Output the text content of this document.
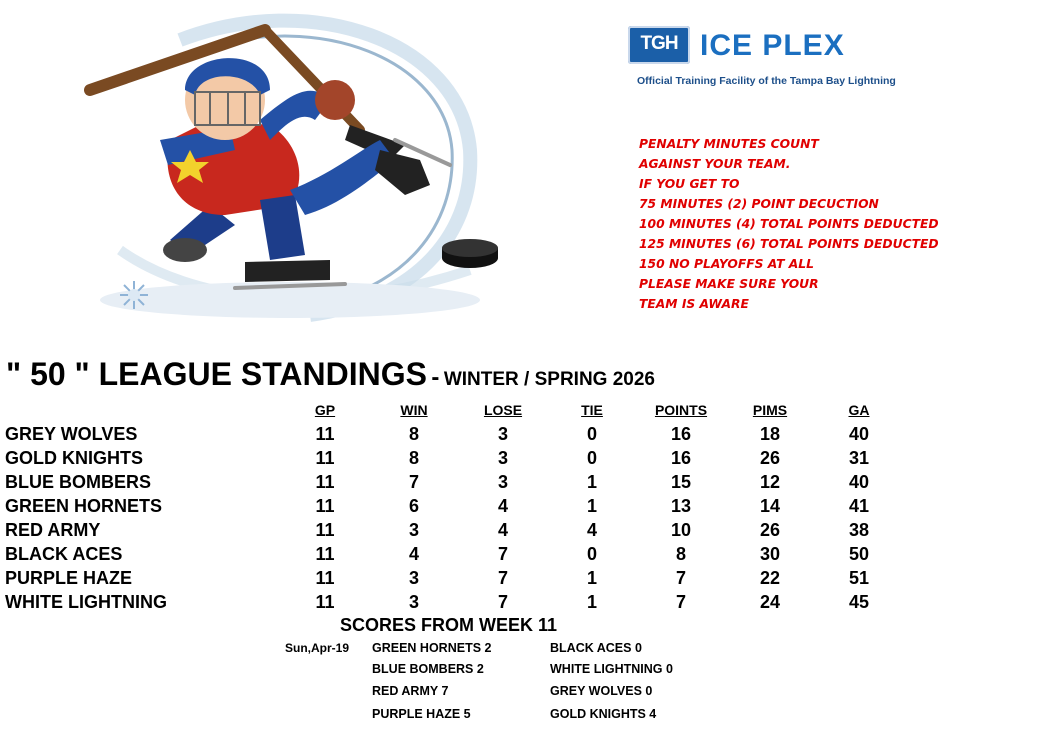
TGH ICE PLEX
Official Training Facility of the Tampa Bay Lightning
PENALTY MINUTES COUNT
AGAINST YOUR TEAM.
IF YOU GET TO
75 MINUTES (2) POINT DECUCTION
100 MINUTES (4) TOTAL POINTS DEDUCTED
125 MINUTES (6) TOTAL POINTS DEDUCTED
150 NO PLAYOFFS AT ALL
PLEASE MAKE SURE YOUR
TEAM IS AWARE
" 50 " LEAGUE STANDINGS - WINTER / SPRING 2026
GP	WIN	LOSE	TIE	POINTS	PIMS	GA
GREY WOLVES	11	8	3	0	16	18	40
GOLD KNIGHTS	11	8	3	0	16	26	31
BLUE BOMBERS	11	7	3	1	15	12	40
GREEN HORNETS	11	6	4	1	13	14	41
RED ARMY	11	3	4	4	10	26	38
BLACK ACES	11	4	7	0	8	30	50
PURPLE HAZE	11	3	7	1	7	22	51
WHITE LIGHTNING	11	3	7	1	7	24	45
SCORES FROM WEEK 11
Sun,Apr-19 GREEN HORNETS 2	BLACK ACES 0
BLUE BOMBERS 2	WHITE LIGHTNING 0
RED ARMY 7	GREY WOLVES 0
PURPLE HAZE 5	GOLD KNIGHTS 4
